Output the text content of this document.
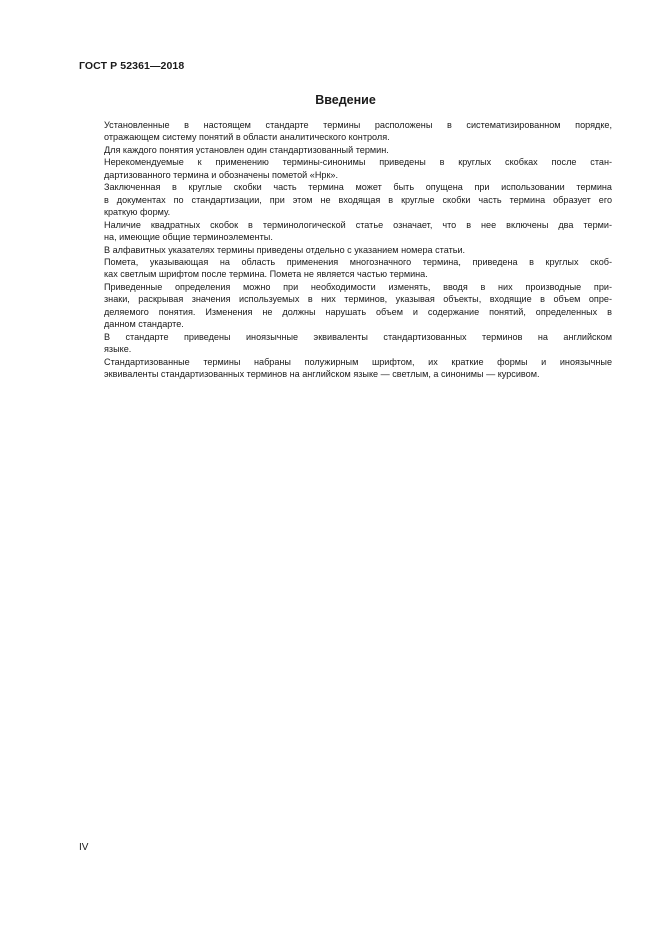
ГОСТ Р 52361—2018
Введение

Установленные в настоящем стандарте термины расположены в систематизированном порядке,
отражающем систему понятий в области аналитического контроля.

Для каждого понятия установлен один стандартизованный термин.

Нерекомендуемые к применению термины-синонимы приведены в круглых скобках после стан-
дартизованного термина и обозначены пометой «Нрк».

Заключенная в круглые скобки часть термина может быть опущена при использовании термина
в документах по стандартизации, при этом не входящая в круглые скобки часть термина образует его
краткую форму.

Наличие квадратных скобок в терминологической статье означает, что в нее включены два терми-
на, имеющие общие терминоэлементы.

В алфавитных указателях термины приведены отдельно с указанием номера статьи.

Помета, указывающая на область применения многозначного термина, приведена в круглых скоб-
ках светлым шрифтом после термина. Помета не является частью термина.

Приведенные определения можно при необходимости изменять, вводя в них производные при-
знаки, раскрывая значения используемых в них терминов, указывая объекты, входящие в объем опре-
деляемого понятия. Изменения не должны нарушать объем и содержание понятий, определенных в
данном стандарте.

В стандарте приведены иноязычные эквиваленты стандартизованных терминов на английском
языке.

Стандартизованные термины набраны полужирным шрифтом, их краткие формы и иноязычные
эквиваленты стандартизованных терминов на английском языке — светлым, а синонимы — курсивом.

IV
